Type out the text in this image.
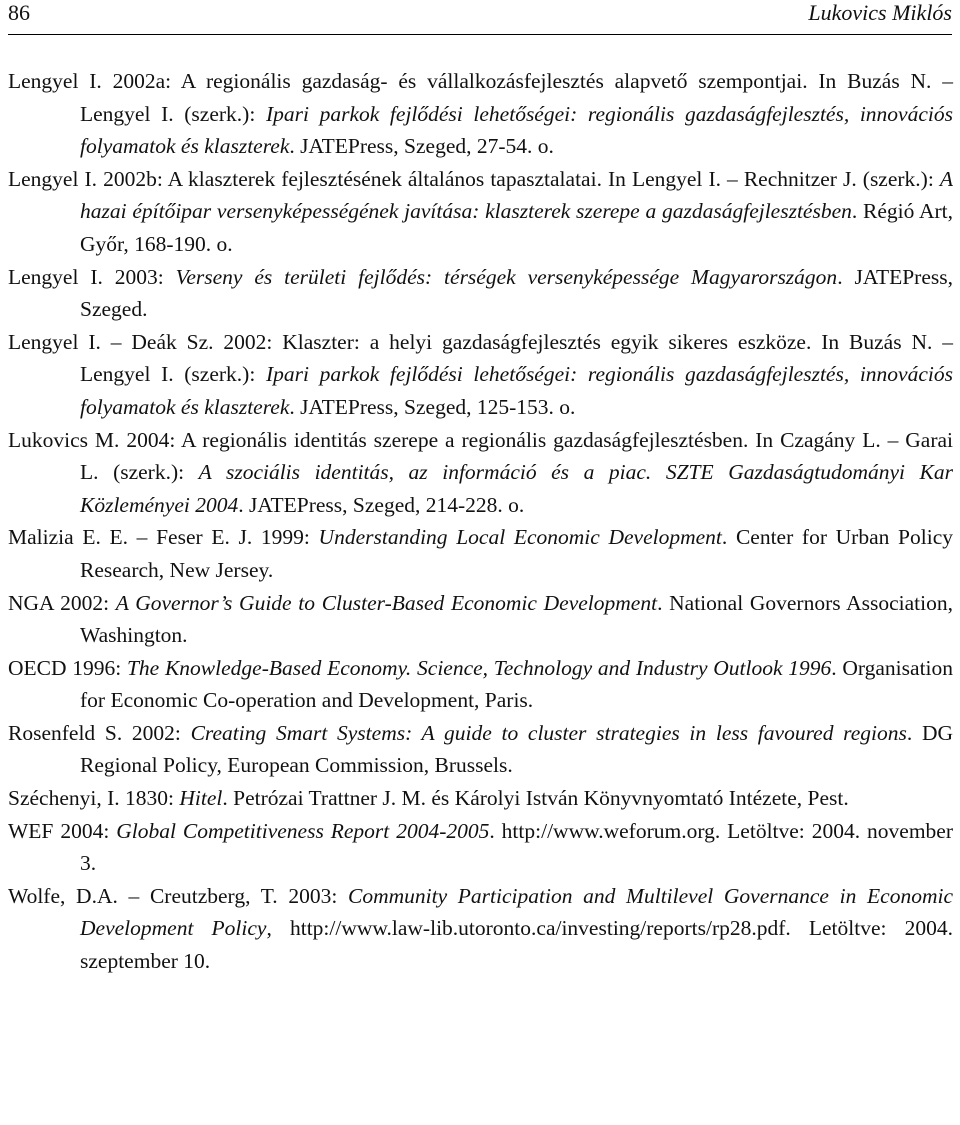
86	Lukovics Miklós
Lengyel I. 2002a: A regionális gazdaság- és vállalkozásfejlesztés alapvető szempontjai. In Buzás N. – Lengyel I. (szerk.): Ipari parkok fejlődési lehetőségei: regionális gazdaságfejlesztés, innovációs folyamatok és klaszterek. JATEPress, Szeged, 27-54. o.
Lengyel I. 2002b: A klaszterek fejlesztésének általános tapasztalatai. In Lengyel I. – Rechnitzer J. (szerk.): A hazai építőipar versenyképességének javítása: klaszterek szerepe a gazdaságfejlesztésben. Régió Art, Győr, 168-190. o.
Lengyel I. 2003: Verseny és területi fejlődés: térségek versenyképessége Magyarországon. JATEPress, Szeged.
Lengyel I. – Deák Sz. 2002: Klaszter: a helyi gazdaságfejlesztés egyik sikeres eszköze. In Buzás N. – Lengyel I. (szerk.): Ipari parkok fejlődési lehetőségei: regionális gazdaságfejlesztés, innovációs folyamatok és klaszterek. JATEPress, Szeged, 125-153. o.
Lukovics M. 2004: A regionális identitás szerepe a regionális gazdaságfejlesztésben. In Czagány L. – Garai L. (szerk.): A szociális identitás, az információ és a piac. SZTE Gazdaságtudományi Kar Közleményei 2004. JATEPress, Szeged, 214-228. o.
Malizia E. E. – Feser E. J. 1999: Understanding Local Economic Development. Center for Urban Policy Research, New Jersey.
NGA 2002: A Governor’s Guide to Cluster-Based Economic Development. National Governors Association, Washington.
OECD 1996: The Knowledge-Based Economy. Science, Technology and Industry Outlook 1996. Organisation for Economic Co-operation and Development, Paris.
Rosenfeld S. 2002: Creating Smart Systems: A guide to cluster strategies in less favoured regions. DG Regional Policy, European Commission, Brussels.
Széchenyi, I. 1830: Hitel. Petrózai Trattner J. M. és Károlyi István Könyvnyomtató Intézete, Pest.
WEF 2004: Global Competitiveness Report 2004-2005. http://www.weforum.org. Letöltve: 2004. november 3.
Wolfe, D.A. – Creutzberg, T. 2003: Community Participation and Multilevel Governance in Economic Development Policy, http://www.law-lib.utoronto.ca/investing/reports/rp28.pdf. Letöltve: 2004. szeptember 10.
